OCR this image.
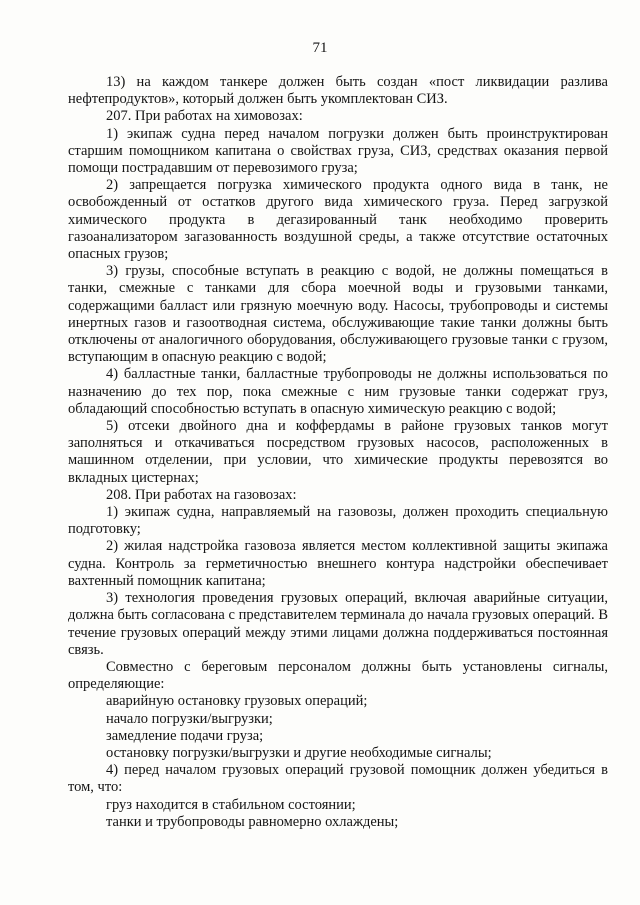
71

13) на каждом танкере должен быть создан «пост ликвидации разлива нефтепродуктов», который должен быть укомплектован СИЗ.

207. При работах на химовозах:

1) экипаж судна перед началом погрузки должен быть проинструктирован старшим помощником капитана о свойствах груза, СИЗ, средствах оказания первой помощи пострадавшим от перевозимого груза;

2) запрещается погрузка химического продукта одного вида в танк, не освобожденный от остатков другого вида химического груза. Перед загрузкой химического продукта в дегазированный танк необходимо проверить газоанализатором загазованность воздушной среды, а также отсутствие остаточных опасных грузов;

3) грузы, способные вступать в реакцию с водой, не должны помещаться в танки, смежные с танками для сбора моечной воды и грузовыми танками, содержащими балласт или грязную моечную воду. Насосы, трубопроводы и системы инертных газов и газоотводная система, обслуживающие такие танки должны быть отключены от аналогичного оборудования, обслуживающего грузовые танки с грузом, вступающим в опасную реакцию с водой;

4) балластные танки, балластные трубопроводы не должны использоваться по назначению до тех пор, пока смежные с ним грузовые танки содержат груз, обладающий способностью вступать в опасную химическую реакцию с водой;

5) отсеки двойного дна и коффердамы в районе грузовых танков могут заполняться и откачиваться посредством грузовых насосов, расположенных в машинном отделении, при условии, что химические продукты перевозятся во вкладных цистернах;

208. При работах на газовозах:

1) экипаж судна, направляемый на газовозы, должен проходить специальную подготовку;

2) жилая надстройка газовоза является местом коллективной защиты экипажа судна. Контроль за герметичностью внешнего контура надстройки обеспечивает вахтенный помощник капитана;

3) технология проведения грузовых операций, включая аварийные ситуации, должна быть согласована с представителем терминала до начала грузовых операций. В течение грузовых операций между этими лицами должна поддерживаться постоянная связь.

Совместно с береговым персоналом должны быть установлены сигналы, определяющие:

аварийную остановку грузовых операций;

начало погрузки/выгрузки;

замедление подачи груза;

остановку погрузки/выгрузки и другие необходимые сигналы;

4) перед началом грузовых операций грузовой помощник должен убедиться в том, что:

груз находится в стабильном состоянии;

танки и трубопроводы равномерно охлаждены;
